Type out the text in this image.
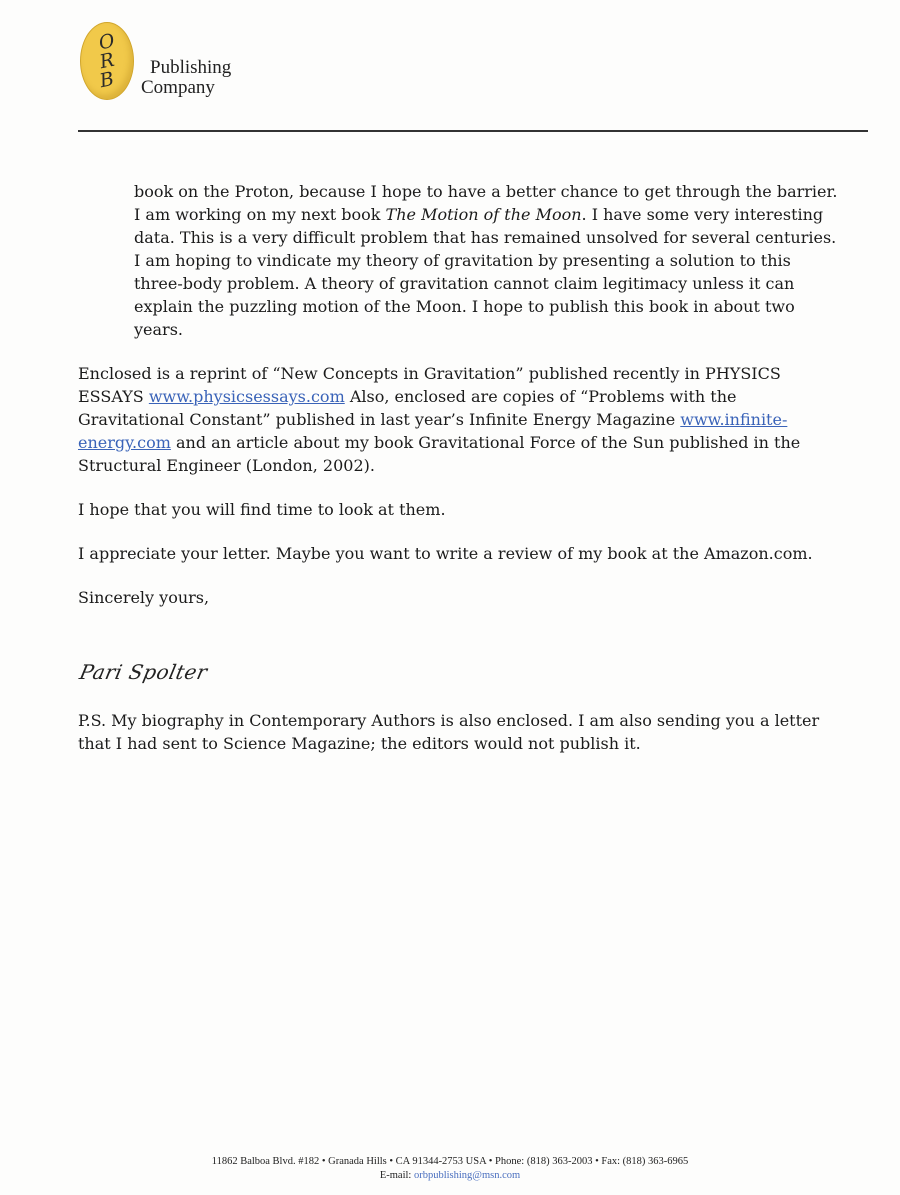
O
R
B	Publishing
Company

book on the Proton, because I hope to have a better chance to get through the barrier. I am working on my next book The Motion of the Moon. I have some very interesting data. This is a very difficult problem that has remained unsolved for several centuries. I am hoping to vindicate my theory of gravitation by presenting a solution to this three-body problem. A theory of gravitation cannot claim legitimacy unless it can explain the puzzling motion of the Moon. I hope to publish this book in about two years.

Enclosed is a reprint of “New Concepts in Gravitation” published recently in PHYSICS ESSAYS www.physicsessays.com Also, enclosed are copies of “Problems with the Gravitational Constant” published in last year’s Infinite Energy Magazine www.infinite-energy.com and an article about my book Gravitational Force of the Sun published in the Structural Engineer (London, 2002).

I hope that you will find time to look at them.

I appreciate your letter. Maybe you want to write a review of my book at the Amazon.com.

Sincerely yours,

Pari Spolter
P.S. My biography in Contemporary Authors is also enclosed. I am also sending you a letter that I had sent to Science Magazine; the editors would not publish it.
11862 Balboa Blvd. #182 • Granada Hills • CA 91344-2753 USA • Phone: (818) 363-2003 • Fax: (818) 363-6965
E-mail: orbpublishing@msn.com
